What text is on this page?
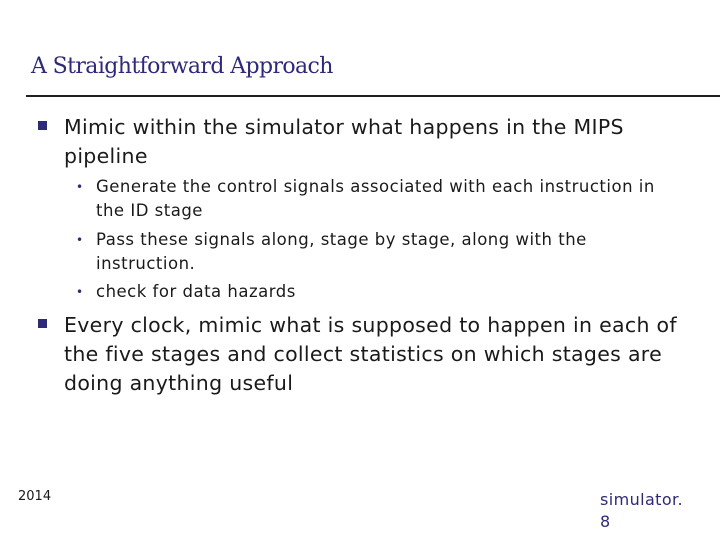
A Straightforward Approach
Mimic within the simulator what happens in the MIPS pipeline
• Generate the control signals associated with each instruction in the ID stage
• Pass these signals along, stage by stage, along with the instruction.
• check for data hazards
Every clock, mimic what is supposed to happen in each of the five stages and collect statistics on which stages are doing anything useful
2014	simulator.
8
